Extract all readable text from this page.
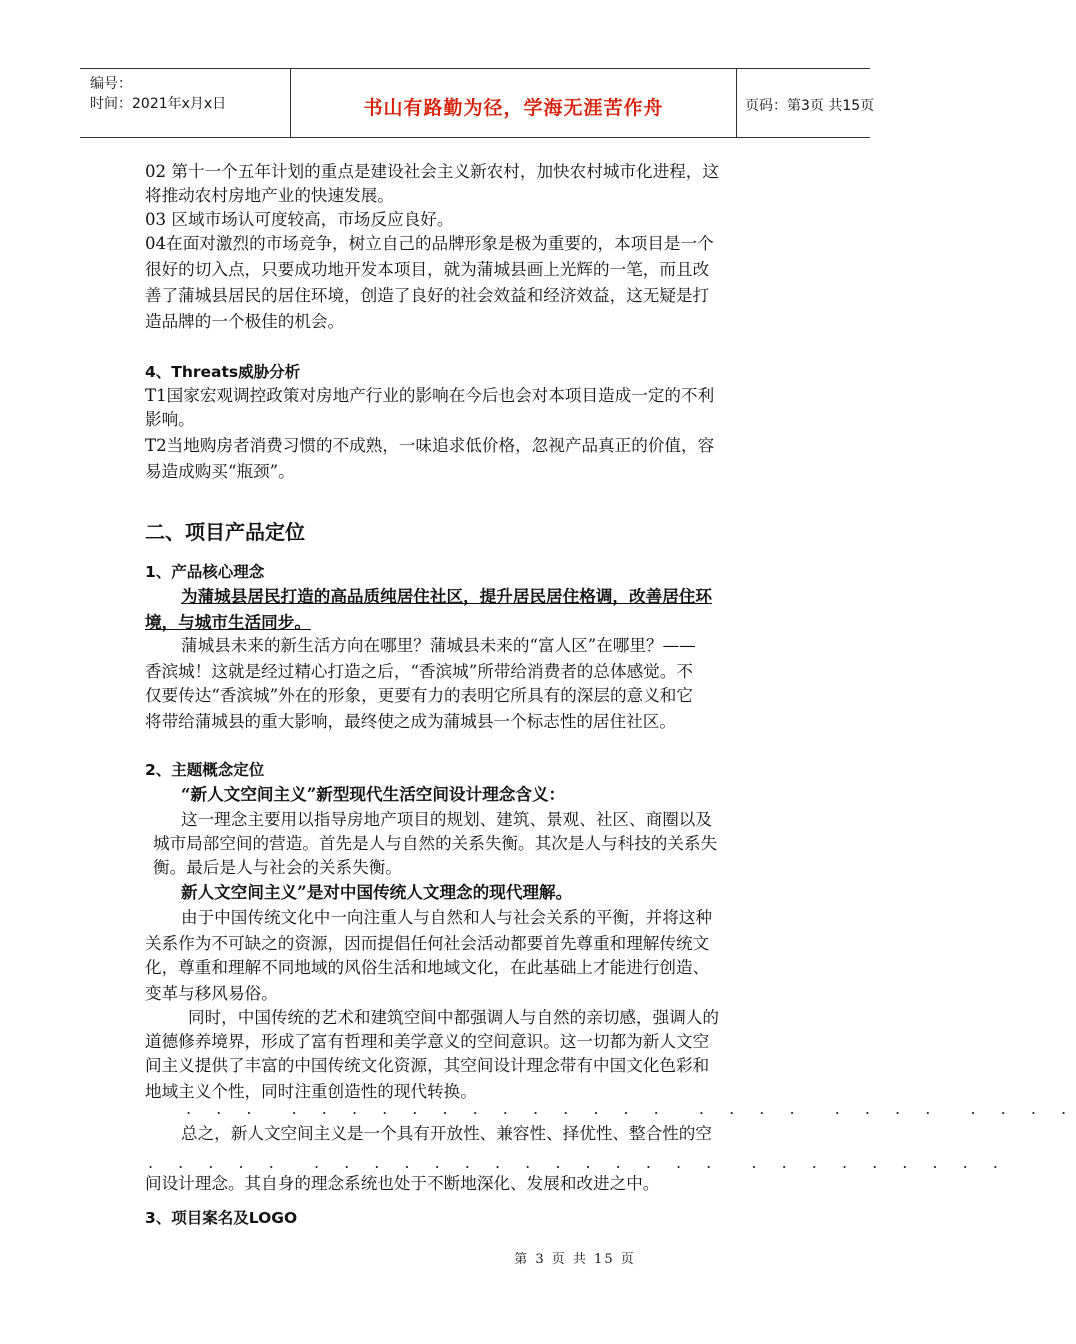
编号：
时间：2021年x月x日	书山有路勤为径，学海无涯苦作舟	页码：第3页 共15页
02 第十一个五年计划的重点是建设社会主义新农村，加快农村城市化进程，这
将推动农村房地产业的快速发展。
03 区域市场认可度较高，市场反应良好。
04在面对激烈的市场竞争，树立自己的品牌形象是极为重要的，本项目是一个
很好的切入点，只要成功地开发本项目，就为蒲城县画上光辉的一笔，而且改
善了蒲城县居民的居住环境，创造了良好的社会效益和经济效益，这无疑是打
造品牌的一个极佳的机会。
4、Threats威胁分析
T1国家宏观调控政策对房地产行业的影响在今后也会对本项目造成一定的不利
影响。
T2当地购房者消费习惯的不成熟，一味追求低价格，忽视产品真正的价值，容
易造成购买“瓶颈”。
二、项目产品定位
1、产品核心理念
为蒲城县居民打造的高品质纯居住社区，提升居民居住格调，改善居住环
境，与城市生活同步。
蒲城县未来的新生活方向在哪里？蒲城县未来的“富人区”在哪里？——
香滨城！这就是经过精心打造之后，“香滨城”所带给消费者的总体感觉。不
仅要传达“香滨城”外在的形象，更要有力的表明它所具有的深层的意义和它
将带给蒲城县的重大影响，最终使之成为蒲城县一个标志性的居住社区。
2、主题概念定位
“新人文空间主义”新型现代生活空间设计理念含义：
这一理念主要用以指导房地产项目的规划、建筑、景观、社区、商圈以及
城市局部空间的营造。首先是人与自然的关系失衡。其次是人与科技的关系失
衡。最后是人与社会的关系失衡。
新人文空间主义”是对中国传统人文理念的现代理解。
由于中国传统文化中一向注重人与自然和人与社会关系的平衡，并将这种
关系作为不可缺之的资源，因而提倡任何社会活动都要首先尊重和理解传统文
化，尊重和理解不同地域的风俗生活和地域文化，在此基础上才能进行创造、
变革与移风易俗。
同时，中国传统的艺术和建筑空间中都强调人与自然的亲切感，强调人的
道德修养境界，形成了富有哲理和美学意义的空间意识。这一切都为新人文空
间主义提供了丰富的中国传统文化资源，其空间设计理念带有中国文化色彩和
地域主义个性，同时注重创造性的现代转换。
. . .  . . . . . . . . . . . . .  . . . .  . . . .  . . . .
总之，新人文空间主义是一个具有开放性、兼容性、择优性、整合性的空
. . . . .  . . . . . . . . . . . . . .  . . . . . . . . .
间设计理念。其自身的理念系统也处于不断地深化、发展和改进之中。
3、项目案名及LOGO
第 3 页 共 15 页
